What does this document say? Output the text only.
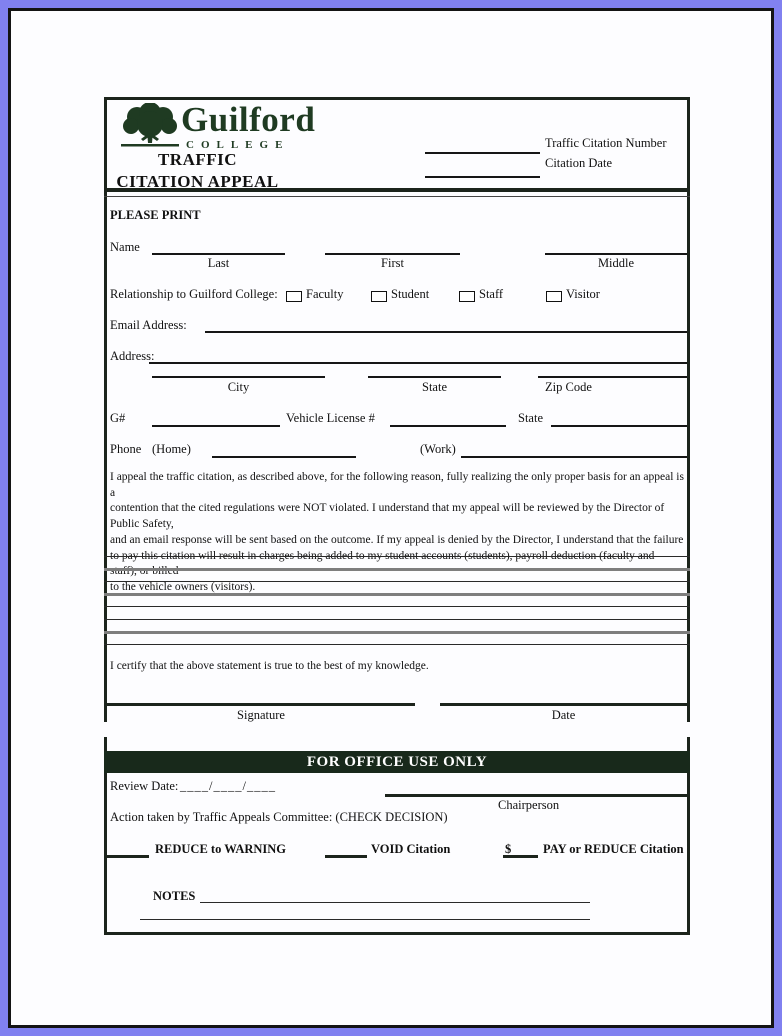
Guilford
COLLEGE
TRAFFIC
CITATION APPEAL
Traffic Citation Number
Citation Date
PLEASE PRINT
Name
Last	First	Middle
Relationship to Guilford College: Faculty	Student	Staff	Visitor
Email Address:
Address:
City	State	Zip Code
G#	Vehicle License #	State
Phone (Home)	(Work)
I appeal the traffic citation, as described above, for the following reason, fully realizing the only proper basis for an appeal is a
contention that the cited regulations were NOT violated. I understand that my appeal will be reviewed by the Director of Public Safety,
and an email response will be sent based on the outcome. If my appeal is denied by the Director, I understand that the failure
to pay this citation will result in charges being added to my student accounts (students), payroll deduction (faculty and staff), or billed
to the vehicle owners (visitors).
I certify that the above statement is true to the best of my knowledge.
Signature	Date
FOR OFFICE USE ONLY
Review Date: ____/____/____
Chairperson
Action taken by Traffic Appeals Committee: (CHECK DECISION)
REDUCE to WARNING	VOID Citation	$	PAY or REDUCE Citation
NOTES
